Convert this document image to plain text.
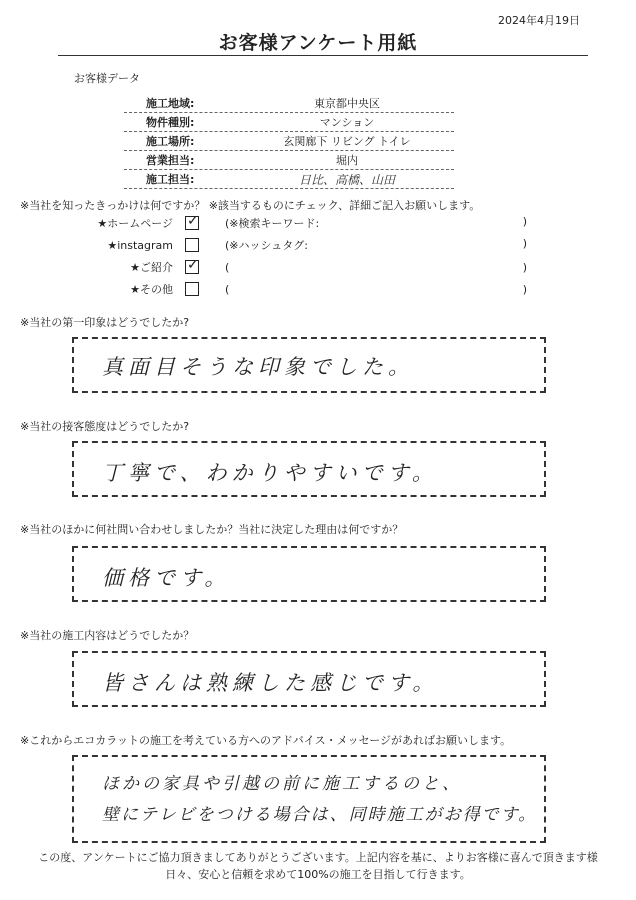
2024年4月19日
お客様アンケート用紙
お客様データ
施工地域:	東京都中央区
物件種別:	マンション
施工場所:	玄関廊下 リビング トイレ
営業担当:	堀内
施工担当:	日比、高橋、山田
※当社を知ったきっかけは何ですか？ ※該当するものにチェック、詳細ご記入お願いします。
★ホームページ	✓ (※検索キーワード:	)
★instagram	(※ハッシュタグ:	)
★ご紹介	✓ (	)
★その他	(	)
※当社の第一印象はどうでしたか?
真面目そうな印象でした。
※当社の接客態度はどうでしたか?
丁寧で、わかりやすいです。
※当社のほかに何社問い合わせしましたか？当社に決定した理由は何ですか？
価格です。
※当社の施工内容はどうでしたか？
皆さんは熟練した感じです。
※これからエコカラットの施工を考えている方へのアドバイス・メッセージがあればお願いします。
ほかの家具や引越の前に施工するのと、
壁にテレビをつける場合は、同時施工がお得です。
この度、アンケートにご協力頂きましてありがとうございます。上記内容を基に、よりお客様に喜んで頂きます様
日々、安心と信頼を求めて100%の施工を目指して行きます。
